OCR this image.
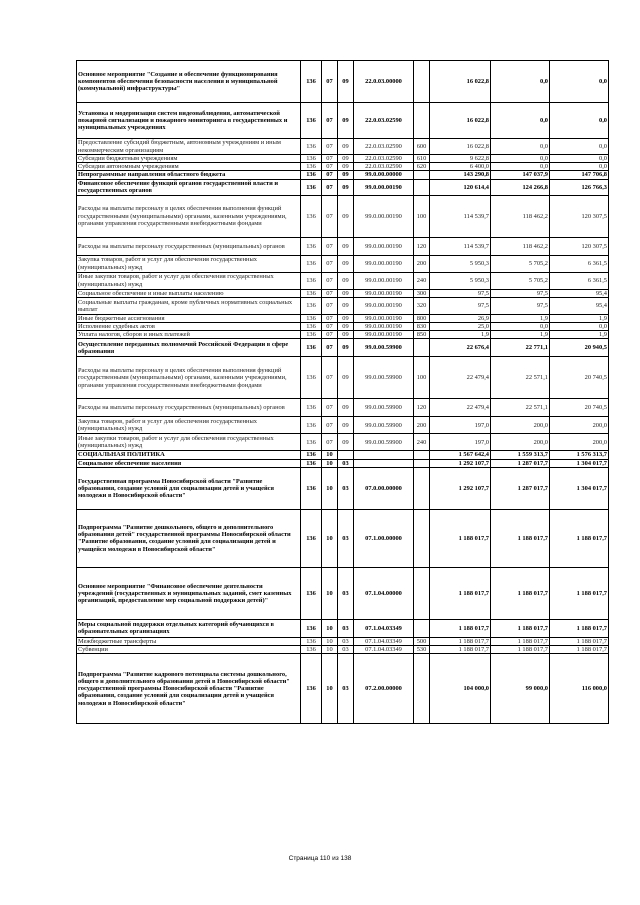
Основное мероприятие "Создание и обеспечение функционирования компонентов обеспечения безопасности населения и муниципальной (коммунальной) инфраструктуры"	136	07	09	22.0.03.00000		16 022,8	0,0	0,0
Установка и модернизация систем видеонаблюдения, автоматической пожарной сигнализации и пожарного мониторинга в государственных и муниципальных учреждениях	136	07	09	22.0.03.02590		16 022,8	0,0	0,0
Предоставление субсидий бюджетным, автономным учреждениям и иным некоммерческим организациям	136	07	09	22.0.03.02590	600	16 022,8	0,0	0,0
Субсидии бюджетным учреждениям	136	07	09	22.0.03.02590	610	9 622,8	0,0	0,0
Субсидии автономным учреждениям	136	07	09	22.0.03.02590	620	6 400,0	0,0	0,0
Непрограммные направления областного бюджета	136	07	09	99.0.00.00000		143 290,8	147 037,9	147 706,8
Финансовое обеспечение функций органов государственной власти и государственных органов	136	07	09	99.0.00.00190		120 614,4	124 266,8	126 766,3
Расходы на выплаты персоналу в целях обеспечения выполнения функций государственными (муниципальными) органами, казенными учреждениями, органами управления государственными внебюджетными фондами	136	07	09	99.0.00.00190	100	114 539,7	118 462,2	120 307,5
Расходы на выплаты персоналу государственных (муниципальных) органов	136	07	09	99.0.00.00190	120	114 539,7	118 462,2	120 307,5
Закупка товаров, работ и услуг для обеспечения государственных (муниципальных) нужд	136	07	09	99.0.00.00190	200	5 950,3	5 705,2	6 361,5
Иные закупки товаров, работ и услуг для обеспечения государственных (муниципальных) нужд	136	07	09	99.0.00.00190	240	5 950,3	5 705,2	6 361,5
Социальное обеспечение и иные выплаты населению	136	07	09	99.0.00.00190	300	97,5	97,5	95,4
Социальные выплаты гражданам, кроме публичных нормативных социальных выплат	136	07	09	99.0.00.00190	320	97,5	97,5	95,4
Иные бюджетные ассигнования	136	07	09	99.0.00.00190	800	26,9	1,9	1,9
Исполнение судебных актов	136	07	09	99.0.00.00190	830	25,0	0,0	0,0
Уплата налогов, сборов и иных платежей	136	07	09	99.0.00.00190	850	1,9	1,9	1,9
Осуществление переданных полномочий Российской Федерации в сфере образования	136	07	09	99.0.00.59900		22 676,4	22 771,1	20 940,5
Расходы на выплаты персоналу в целях обеспечения выполнения функций государственными (муниципальными) органами, казенными учреждениями, органами управления государственными внебюджетными фондами	136	07	09	99.0.00.59900	100	22 479,4	22 571,1	20 740,5
Расходы на выплаты персоналу государственных (муниципальных) органов	136	07	09	99.0.00.59900	120	22 479,4	22 571,1	20 740,5
Закупка товаров, работ и услуг для обеспечения государственных (муниципальных) нужд	136	07	09	99.0.00.59900	200	197,0	200,0	200,0
Иные закупки товаров, работ и услуг для обеспечения государственных (муниципальных) нужд	136	07	09	99.0.00.59900	240	197,0	200,0	200,0
СОЦИАЛЬНАЯ ПОЛИТИКА	136	10				1 567 642,4	1 559 313,7	1 576 313,7
Социальное обеспечение населения	136	10	03			1 292 107,7	1 287 017,7	1 304 017,7
Государственная программа Новосибирской области "Развитие образования, создание условий для социализации детей и учащейся молодежи в Новосибирской области"	136	10	03	07.0.00.00000		1 292 107,7	1 287 017,7	1 304 017,7
Подпрограмма "Развитие дошкольного, общего и дополнительного образования детей" государственной программы Новосибирской области "Развитие образования, создание условий для социализации детей и учащейся молодежи в Новосибирской области"	136	10	03	07.1.00.00000		1 188 017,7	1 188 017,7	1 188 017,7
Основное мероприятие "Финансовое обеспечение деятельности учреждений (государственных и муниципальных заданий, смет казенных организаций, предоставление мер социальной поддержки детей)"	136	10	03	07.1.04.00000		1 188 017,7	1 188 017,7	1 188 017,7
Меры социальной поддержки отдельных категорий обучающихся в образовательных организациях	136	10	03	07.1.04.03349		1 188 017,7	1 188 017,7	1 188 017,7
Межбюджетные трансферты	136	10	03	07.1.04.03349	500	1 188 017,7	1 188 017,7	1 188 017,7
Субвенции	136	10	03	07.1.04.03349	530	1 188 017,7	1 188 017,7	1 188 017,7
Подпрограмма "Развитие кадрового потенциала системы дошкольного, общего и дополнительного образования детей в Новосибирской области" государственной программы Новосибирской области "Развитие образования, создание условий для социализации детей и учащейся молодежи в Новосибирской области"	136	10	03	07.2.00.00000		104 000,0	99 000,0	116 000,0
Страница 110 из 138
